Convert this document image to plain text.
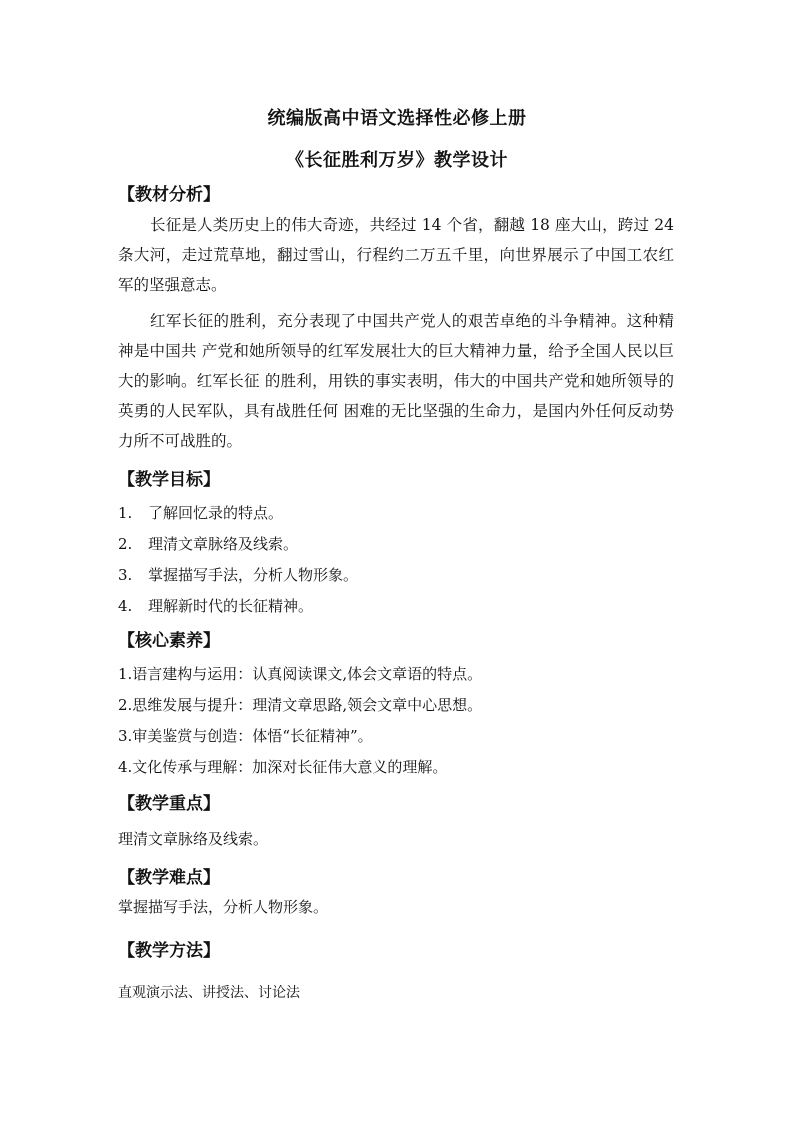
统编版高中语文选择性必修上册
《长征胜利万岁》教学设计
【教材分析】

长征是人类历史上的伟大奇迹，共经过 14 个省，翻越 18 座大山，跨过 24 条大河，走过荒草地，翻过雪山，行程约二万五千里，向世界展示了中国工农红军的坚强意志。

红军长征的胜利，充分表现了中国共产党人的艰苦卓绝的斗争精神。这种精神是中国共 产党和她所领导的红军发展壮大的巨大精神力量，给予全国人民以巨大的影响。红军长征 的胜利，用铁的事实表明，伟大的中国共产党和她所领导的英勇的人民军队，具有战胜任何 困难的无比坚强的生命力，是国内外任何反动势力所不可战胜的。

【教学目标】
1. 了解回忆录的特点。
2. 理清文章脉络及线索。
3. 掌握描写手法，分析人物形象。
4. 理解新时代的长征精神。
【核心素养】
1.语言建构与运用：认真阅读课文,体会文章语的特点。
2.思维发展与提升：理清文章思路,领会文章中心思想。
3.审美鉴赏与创造：体悟“长征精神”。
4.文化传承与理解：加深对长征伟大意义的理解。
【教学重点】
理清文章脉络及线索。
【教学难点】
掌握描写手法，分析人物形象。
【教学方法】
直观演示法、讲授法、讨论法
